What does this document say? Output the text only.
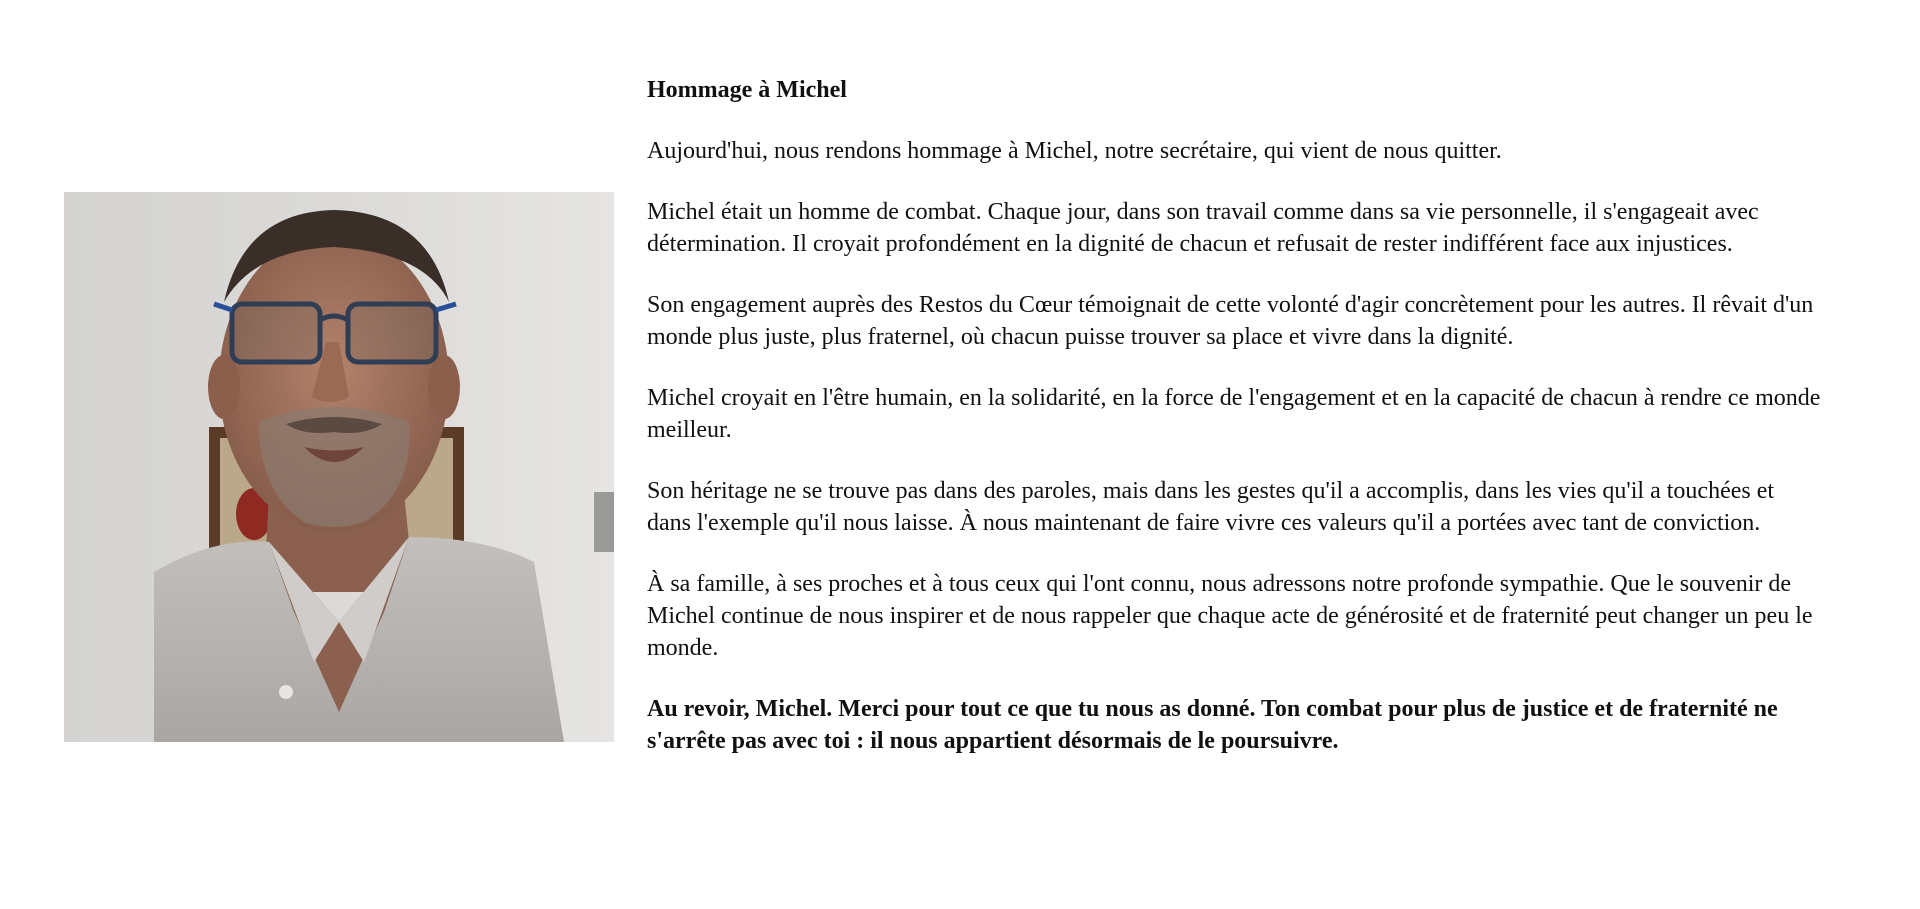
Hommage à Michel

Aujourd'hui, nous rendons hommage à Michel, notre secrétaire, qui vient de nous quitter.

Michel était un homme de combat. Chaque jour, dans son travail comme dans sa vie personnelle, il s'engageait avec détermination. Il croyait profondément en la dignité de chacun et refusait de rester indifférent face aux injustices.

Son engagement auprès des Restos du Cœur témoignait de cette volonté d'agir concrètement pour les autres. Il rêvait d'un monde plus juste, plus fraternel, où chacun puisse trouver sa place et vivre dans la dignité.

Michel croyait en l'être humain, en la solidarité, en la force de l'engagement et en la capacité de chacun à rendre ce monde meilleur.

Son héritage ne se trouve pas dans des paroles, mais dans les gestes qu'il a accomplis, dans les vies qu'il a touchées et dans l'exemple qu'il nous laisse. À nous maintenant de faire vivre ces valeurs qu'il a portées avec tant de conviction.

À sa famille, à ses proches et à tous ceux qui l'ont connu, nous adressons notre profonde sympathie. Que le souvenir de Michel continue de nous inspirer et de nous rappeler que chaque acte de générosité et de fraternité peut changer un peu le monde.

Au revoir, Michel. Merci pour tout ce que tu nous as donné. Ton combat pour plus de justice et de fraternité ne s'arrête pas avec toi : il nous appartient désormais de le poursuivre.
